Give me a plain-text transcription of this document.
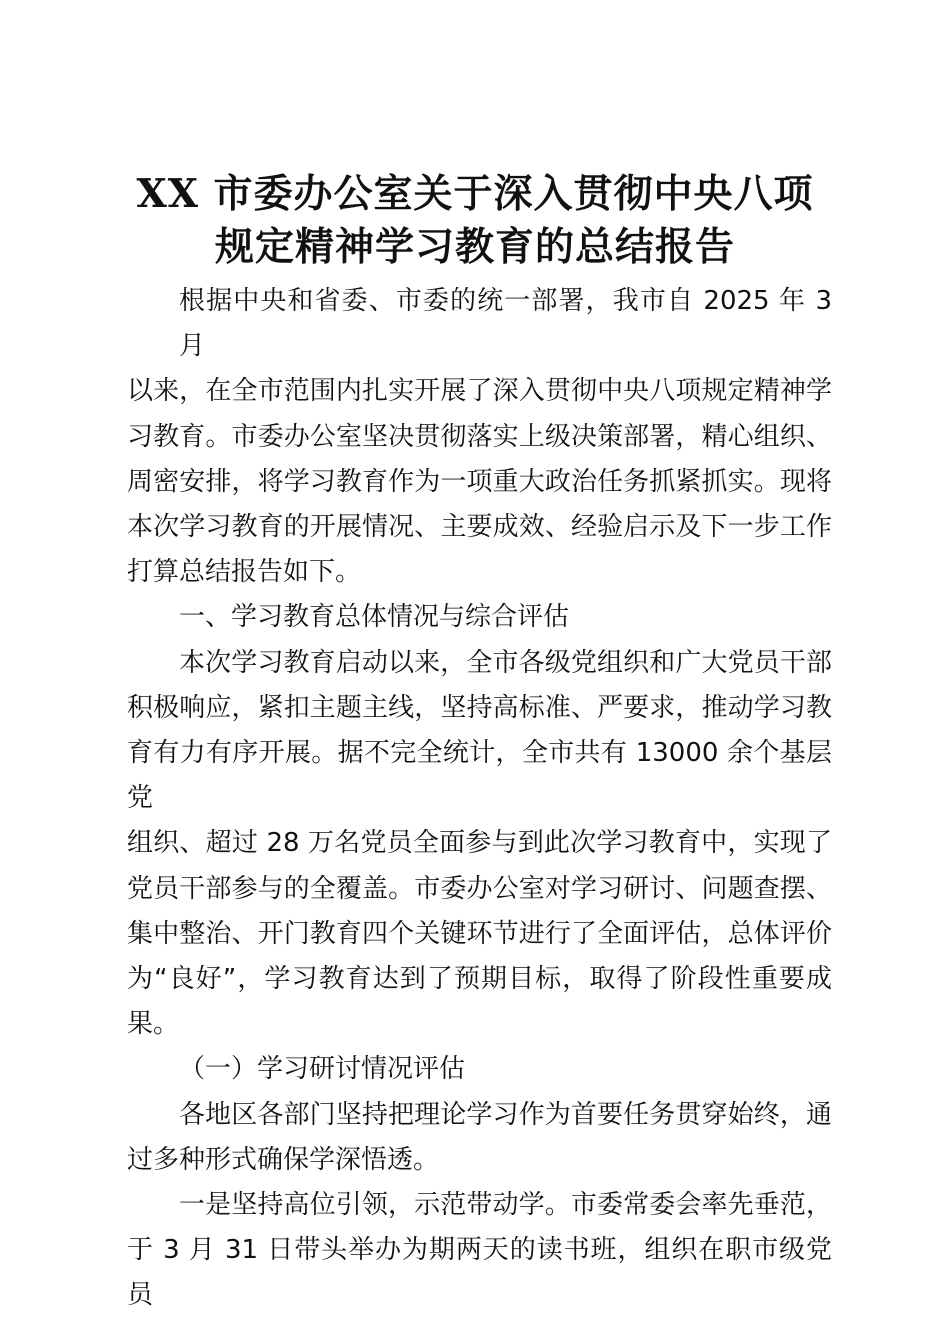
XX 市委办公室关于深入贯彻中央八项
规定精神学习教育的总结报告
根据中央和省委、市委的统一部署，我市自 2025 年 3 月
以来，在全市范围内扎实开展了深入贯彻中央八项规定精神学
习教育。市委办公室坚决贯彻落实上级决策部署，精心组织、
周密安排，将学习教育作为一项重大政治任务抓紧抓实。现将
本次学习教育的开展情况、主要成效、经验启示及下一步工作
打算总结报告如下。
一、学习教育总体情况与综合评估
本次学习教育启动以来，全市各级党组织和广大党员干部
积极响应，紧扣主题主线，坚持高标准、严要求，推动学习教
育有力有序开展。据不完全统计，全市共有 13000 余个基层党
组织、超过 28 万名党员全面参与到此次学习教育中，实现了
党员干部参与的全覆盖。市委办公室对学习研讨、问题查摆、
集中整治、开门教育四个关键环节进行了全面评估，总体评价
为“良好”，学习教育达到了预期目标，取得了阶段性重要成
果。
（一）学习研讨情况评估
各地区各部门坚持把理论学习作为首要任务贯穿始终，通
过多种形式确保学深悟透。
一是坚持高位引领，示范带动学。市委常委会率先垂范，
于 3 月 31 日带头举办为期两天的读书班，组织在职市级党员
